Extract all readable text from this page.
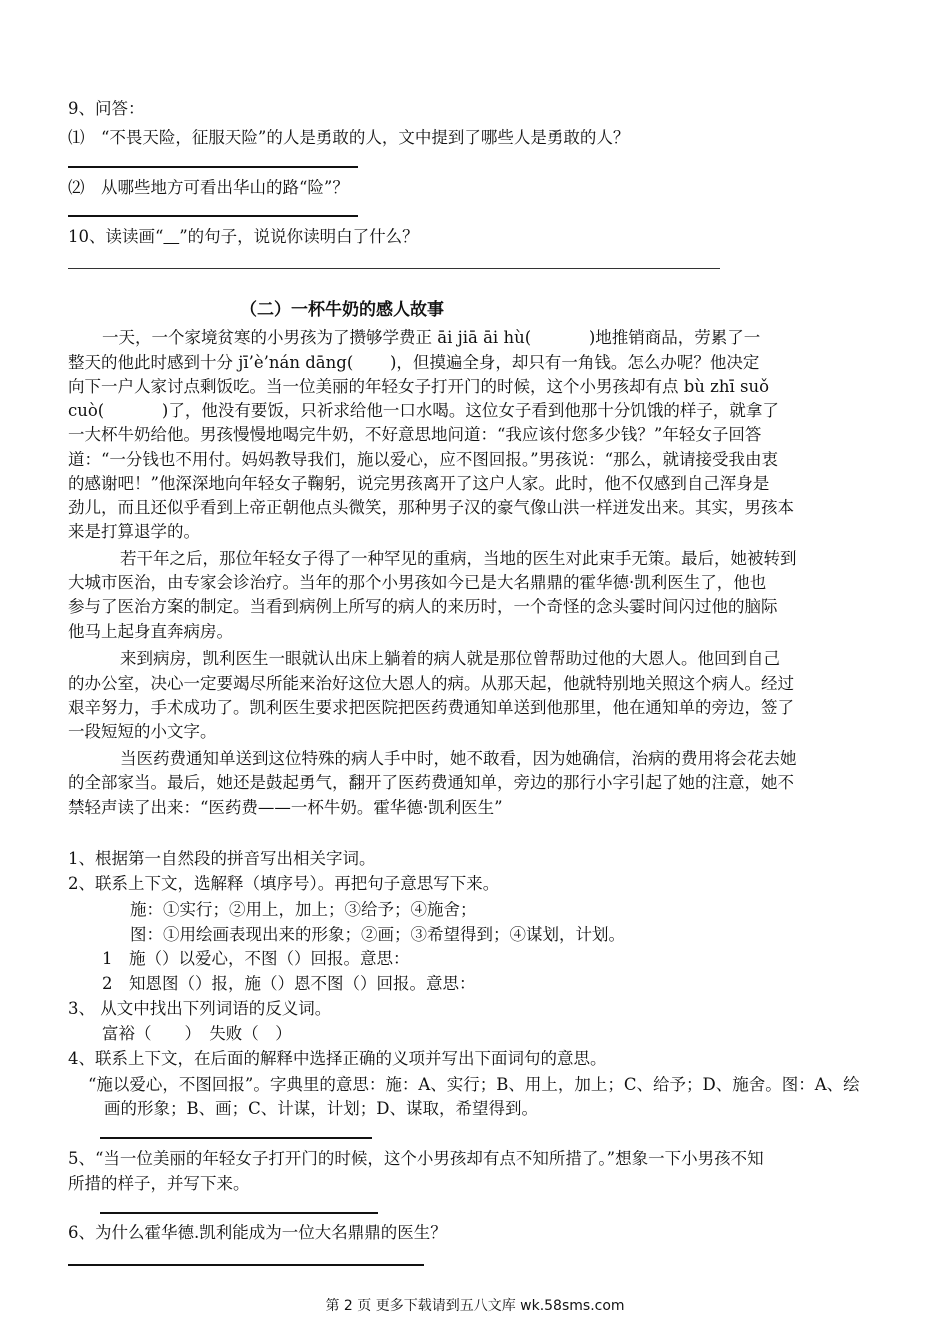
9、问答：
⑴　“不畏天险，征服天险”的人是勇敢的人，文中提到了哪些人是勇敢的人？
⑵　从哪些地方可看出华山的路“险”？
10、读读画“ ”的句子，说说你读明白了什么？
（二）一杯牛奶的感人故事
一天，一个家境贫寒的小男孩为了攒够学费正 āi jiā āi hù(           )地推销商品，劳累了一
整天的他此时感到十分 jī’è’nán dāng(       )，但摸遍全身，却只有一角钱。怎么办呢？他决定
向下一户人家讨点剩饭吃。当一位美丽的年轻女子打开门的时候，这个小男孩却有点 bù zhī suǒ
cuò(           )了，他没有要饭，只祈求给他一口水喝。这位女子看到他那十分饥饿的样子，就拿了
一大杯牛奶给他。男孩慢慢地喝完牛奶，不好意思地问道：“我应该付您多少钱？”年轻女子回答
道：“一分钱也不用付。妈妈教导我们，施以爱心，应不图回报。”男孩说：“那么，就请接受我由衷
的感谢吧！”他深深地向年轻女子鞠躬，说完男孩离开了这户人家。此时，他不仅感到自己浑身是
劲儿，而且还似乎看到上帝正朝他点头微笑，那种男子汉的豪气像山洪一样迸发出来。其实，男孩本
来是打算退学的。
若干年之后，那位年轻女子得了一种罕见的重病，当地的医生对此束手无策。最后，她被转到
大城市医治，由专家会诊治疗。当年的那个小男孩如今已是大名鼎鼎的霍华德·凯利医生了，他也
参与了医治方案的制定。当看到病例上所写的病人的来历时，一个奇怪的念头霎时间闪过他的脑际
他马上起身直奔病房。
来到病房，凯利医生一眼就认出床上躺着的病人就是那位曾帮助过他的大恩人。他回到自己
的办公室，决心一定要竭尽所能来治好这位大恩人的病。从那天起，他就特别地关照这个病人。经过
艰辛努力，手术成功了。凯利医生要求把医院把医药费通知单送到他那里，他在通知单的旁边，签了
一段短短的小文字。
当医药费通知单送到这位特殊的病人手中时，她不敢看，因为她确信，治病的费用将会花去她
的全部家当。最后，她还是鼓起勇气，翻开了医药费通知单，旁边的那行小字引起了她的注意，她不
禁轻声读了出来：“医药费——一杯牛奶。霍华德·凯利医生”
1、根据第一自然段的拼音写出相关字词。
2、联系上下文，选解释（填序号）。再把句子意思写下来。
施：①实行；②用上，加上；③给予；④施舍；
图：①用绘画表现出来的形象；②画；③希望得到；④谋划，计划。
1　施（）以爱心，不图（）回报。意思：
2　知恩图（）报，施（）恩不图（）回报。意思：
3、 从文中找出下列词语的反义词。
富裕（　　）　失败（　）
4、联系上下文，在后面的解释中选择正确的义项并写出下面词句的意思。
“施以爱心，不图回报”。字典里的意思：施：A、实行；B、用上，加上；C、给予；D、施舍。图：A、绘
画的形象；B、画；C、计谋，计划；D、谋取，希望得到。
5、“当一位美丽的年轻女子打开门的时候，这个小男孩却有点不知所措了。”想象一下小男孩不知
所措的样子，并写下来。
6、为什么霍华德.凯利能成为一位大名鼎鼎的医生？
第 2 页 更多下载请到五八文库 wk.58sms.com
